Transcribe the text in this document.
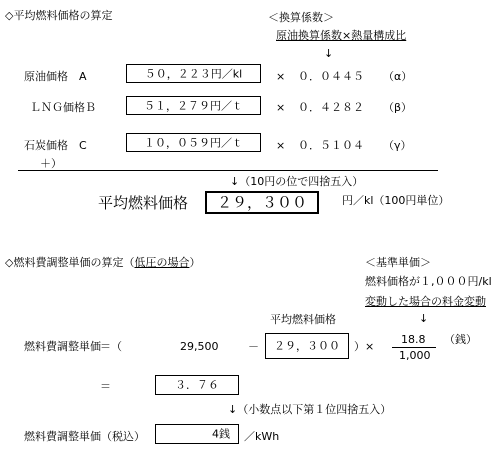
◇平均燃料価格の算定	＜換算係数＞
原油換算係数×熱量構成比
↓
原油価格　A	５０，２２３円／kl	× ０．０４４５ （α）
ＬＮＧ価格Ｂ	５１，２７９円／ｔ	× ０．４２８２ （β）
石炭価格　C	１０，０５９円／ｔ	× ０．５１０４ （γ）
＋）
↓（10円の位で四捨五入）
平均燃料価格	２９，３００	円／kl（100円単位）
◇燃料費調整単価の算定（低圧の場合）	＜基準単価＞
燃料価格が１,０００円/kl
変動した場合の料金変動
↓
平均燃料価格
燃料費調整単価 ＝（	29,500	－	２９，３００	）×
18.8
1,000
（銭）
＝	３．７６
↓（小数点以下第１位四捨五入）
燃料費調整単価（税込）	4銭 ／kWh
